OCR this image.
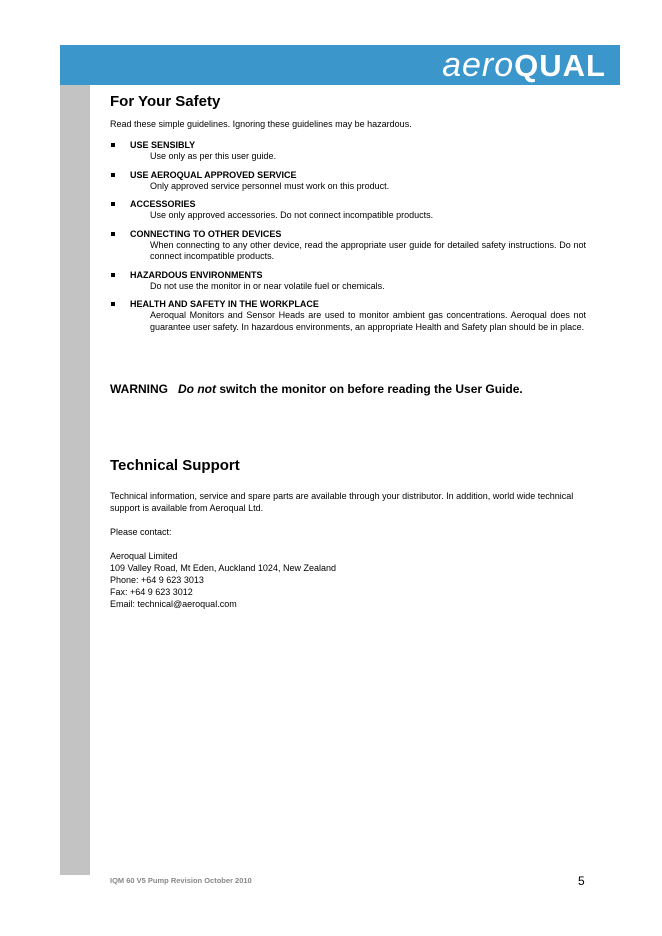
aeroQUAL
For Your Safety

Read these simple guidelines. Ignoring these guidelines may be hazardous.

USE SENSIBLY
Use only as per this user guide.
USE AEROQUAL APPROVED SERVICE
Only approved service personnel must work on this product.
ACCESSORIES
Use only approved accessories. Do not connect incompatible products.
CONNECTING TO OTHER DEVICES
When connecting to any other device, read the appropriate user guide for detailed safety instructions. Do not connect incompatible products.
HAZARDOUS ENVIRONMENTS
Do not use the monitor in or near volatile fuel or chemicals.
HEALTH AND SAFETY IN THE WORKPLACE
Aeroqual Monitors and Sensor Heads are used to monitor ambient gas concentrations. Aeroqual does not guarantee user safety. In hazardous environments, an appropriate Health and Safety plan should be in place.
WARNING Do not switch the monitor on before reading the User Guide.
Technical Support

Technical information, service and spare parts are available through your distributor. In addition, world wide technical support is available from Aeroqual Ltd.

Please contact:

Aeroqual Limited

109 Valley Road, Mt Eden, Auckland 1024, New Zealand

Phone: +64 9 623 3013

Fax: +64 9 623 3012

Email: technical@aeroqual.com

IQM 60 V5 Pump Revision October 2010	5
